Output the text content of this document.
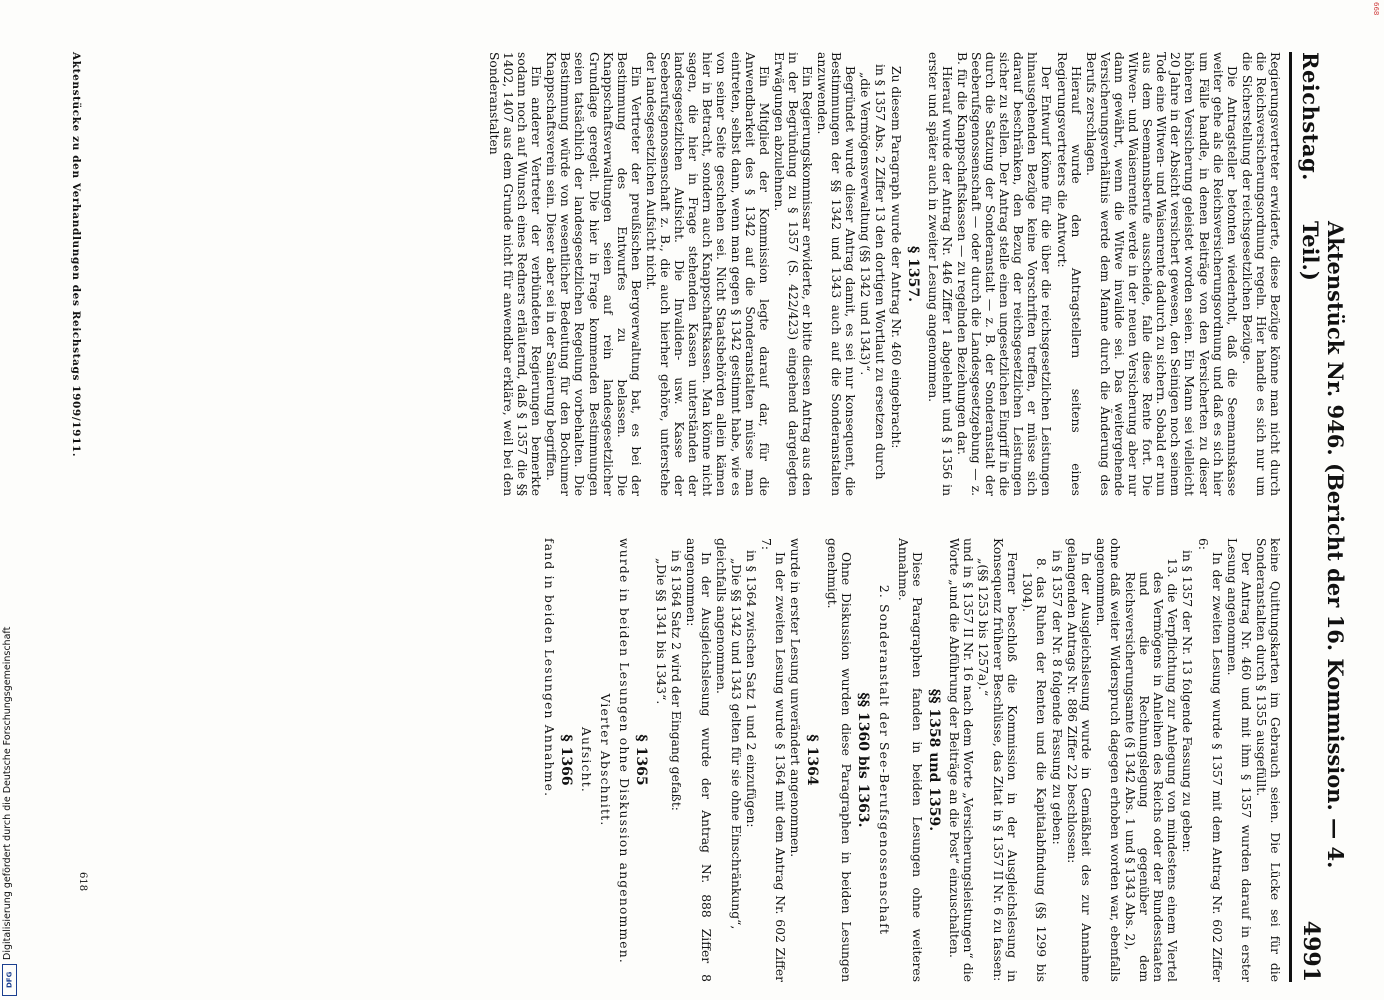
668
Digitalisierung gefördert durch die Deutsche Forschungsgemeinschaft
DFG
Reichstag.
Aktenstück Nr. 946. (Bericht der 16. Kommission. — 4. Teil.)
4991

Regierungsvertreter erwiderte, diese Bezüge könne man nicht durch die Reichsversicherungsordnung regeln. Hier handle es sich nur um die Sicherstellung der reichsgesetzlichen Bezüge.

Die Antragsteller betonten wiederholt, daß die Seemannskasse weiter gehe als die Reichsversicherungsordnung und daß es sich hier um Fälle handle, in denen Beiträge von den Versicherten zu dieser höheren Versicherung geleistet worden seien. Ein Mann sei vielleicht 20 Jahre in der Absicht versichert gewesen, den Seinigen noch seinem Tode eine Witwen- und Waisenrente dadurch zu sichern. Sobald er nun aus dem Seemannsberufe ausscheide, falle diese Rente fort. Die Witwen- und Waisenrente werde in der neuen Versicherung aber nur dann gewährt, wenn die Witwe invalide sei. Das weitergehende Versicherungsverhältnis werde dem Manne durch die Änderung des Berufs zerschlagen.

Hierauf wurde den Antragstellern seitens eines Regierungsvertreters die Antwort:

Der Entwurf könne für die über die reichsgesetzlichen Leistungen hinausgehenden Bezüge keine Vorschriften treffen, er müsse sich darauf beschränken, den Bezug der reichsgesetzlichen Leistungen sicher zu stellen. Der Antrag stelle einen ungesetzlichen Eingriff in die durch die Satzung der Sonderanstalt — z. B. der Sonderanstalt der Seeberufsgenossenschaft — oder durch die Landesgesetzgebung — z. B. für die Knappschaftskassen — zu regelnden Beziehungen dar.

Hierauf wurde der Antrag Nr. 446 Ziffer 1 abgelehnt und § 1356 in erster und später auch in zweiter Lesung angenommen.

§ 1357.

Zu diesem Paragraph wurde der Antrag Nr. 460 eingebracht:

in § 1357 Abs. 2 Ziffer 13 den dortigen Wortlaut zu ersetzen durch

„die Vermögensverwaltung (§§ 1342 und 1343)“.

Begründet wurde dieser Antrag damit, es sei nur konsequent, die Bestimmungen der §§ 1342 und 1343 auch auf die Sonderanstalten anzuwenden.

Ein Regierungskommissar erwiderte, er bitte diesen Antrag aus den in der Begründung zu § 1357 (S. 422/423) eingehend dargelegten Erwägungen abzulehnen.

Ein Mitglied der Kommission legte darauf dar, für die Anwendbarkeit des § 1342 auf die Sonderanstalten müsse man eintreten, selbst dann, wenn man gegen § 1342 gestimmt habe, wie es von seiner Seite geschehen sei. Nicht Staatsbehörden allein kämen hier in Betracht, sondern auch Knappschaftskassen. Man könne nicht sagen, die hier in Frage stehenden Kassen unterständen der landesgesetzlichen Aufsicht. Die Invaliden- usw. Kasse der Seeberufsgenossenschaft z. B., die auch hierher gehöre, unterstehe der landesgesetzlichen Aufsicht nicht.

Ein Vertreter der preußischen Bergverwaltung bat, es bei der Bestimmung des Entwurfes zu belassen. Die Knappschaftsverwaltungen seien auf rein landesgesetzlicher Grundlage geregelt. Die hier in Frage kommenden Bestimmungen seien tatsächlich der landesgesetzlichen Regelung vorbehalten. Die Bestimmung würde von wesentlicher Bedeutung für den Bochumer Knappschaftsverein sein. Dieser aber sei in der Sanierung begriffen.

Ein anderer Vertreter der verbündeten Regierungen bemerkte sodann noch auf Wunsch eines Redners erläuternd, daß § 1357 die §§ 1402, 1407 aus dem Grunde nicht für anwendbar erkläre, weil bei den Sonderanstalten

Aktenstücke zu den Verhandlungen des Reichstags 1909/1911.

keine Quittungskarten im Gebrauch seien. Die Lücke sei für die Sonderanstalten durch § 1355 ausgefüllt.

Der Antrag Nr. 460 und mit ihm § 1357 wurden darauf in erster Lesung angenommen.

In der zweiten Lesung wurde § 1357 mit dem Antrag Nr. 602 Ziffer 6:

in § 1357 der Nr. 13 folgende Fassung zu geben:

13. die Verpflichtung zur Anlegung von mindestens einem Viertel des Vermögens in Anleihen des Reichs oder der Bundesstaaten und die Rechnungslegung gegenüber dem Reichsversicherungsamte (§ 1342 Abs. 1 und § 1343 Abs. 2),

ohne daß weiter Widerspruch dagegen erhoben worden war, ebenfalls angenommen.

In der Ausgleichslesung wurde in Gemäßheit des zur Annahme gelangenden Antrags Nr. 886 Ziffer 22 beschlossen:

in § 1357 der Nr. 8 folgende Fassung zu geben:

8. das Ruhen der Renten und die Kapitalabfindung (§§ 1299 bis 1304).

Ferner beschloß die Kommission in der Ausgleichslesung in Konsequenz früherer Beschlüsse, das Zitat in § 1357 II Nr. 6 zu fassen:

„(§§ 1253 bis 1257a).“

und in § 1357 II Nr. 16 nach dem Worte „Versicherungsleistungen“ die Worte „und die Abführung der Beiträge an die Post“ einzuschalten.

§§ 1358 und 1359.

Diese Paragraphen fanden in beiden Lesungen ohne weiteres Annahme.

2. Sonderanstalt der See-Berufsgenossenschaft
§§ 1360 bis 1363.

Ohne Diskussion wurden diese Paragraphen in beiden Lesungen genehmigt.

§ 1364

wurde in erster Lesung unverändert angenommen.

In der zweiten Lesung wurde § 1364 mit dem Antrag Nr. 602 Ziffer 7:

in § 1364 zwischen Satz 1 und 2 einzufügen:

„Die §§ 1342 und 1343 gelten für sie ohne Einschränkung“,

gleichfalls angenommen.

In der Ausgleichslesung wurde der Antrag Nr. 888 Ziffer 8 angenommen:

in § 1364 Satz 2 wird der Eingang gefaßt:

„Die §§ 1341 bis 1343“.

§ 1365

wurde in beiden Lesungen ohne Diskussion angenommen.

Vierter Abschnitt.
Aufsicht.
§ 1366

fand in beiden Lesungen Annahme.

618
